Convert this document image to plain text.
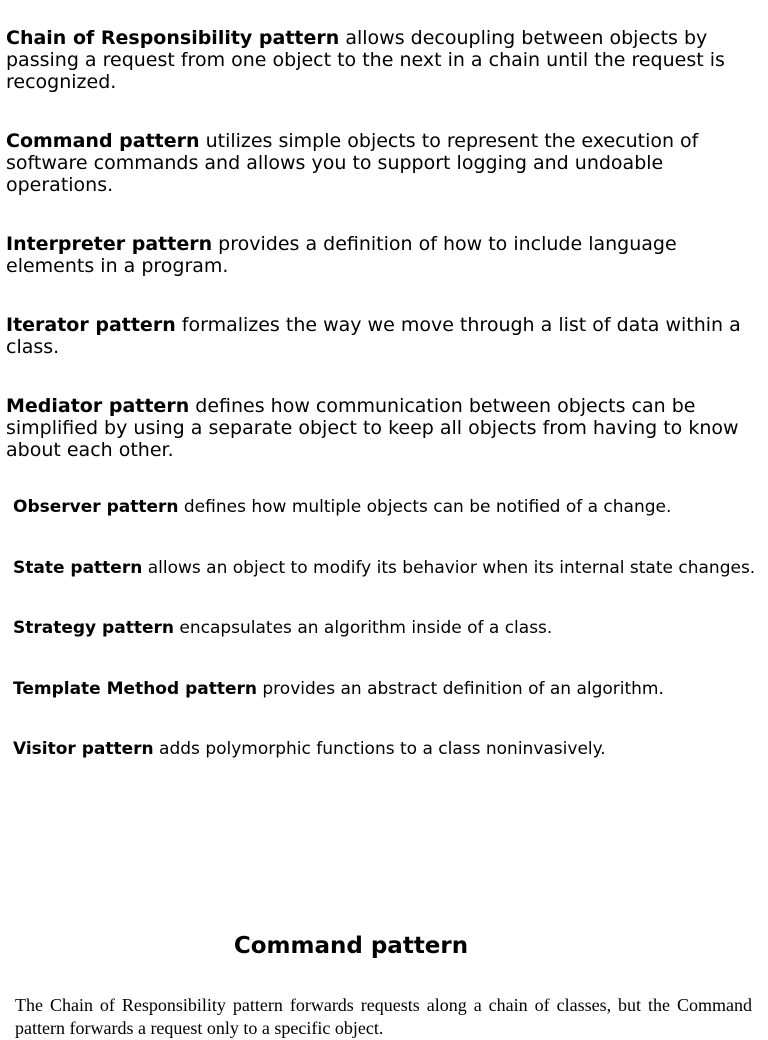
Chain of Responsibility pattern allows decoupling between objects by passing a request from one object to the next in a chain until the request is recognized.

Command pattern utilizes simple objects to represent the execution of software commands and allows you to support logging and undoable operations.

Interpreter pattern provides a definition of how to include language elements in a program.

Iterator pattern formalizes the way we move through a list of data within a class.

Mediator pattern defines how communication between objects can be simplified by using a separate object to keep all objects from having to know about each other.

Observer pattern defines how multiple objects can be notified of a change.

State pattern allows an object to modify its behavior when its internal state changes.

Strategy pattern encapsulates an algorithm inside of a class.

Template Method pattern provides an abstract definition of an algorithm.

Visitor pattern adds polymorphic functions to a class noninvasively.

Command pattern

The Chain of Responsibility pattern forwards requests along a chain of classes, but the Command pattern forwards a request only to a specific object.
